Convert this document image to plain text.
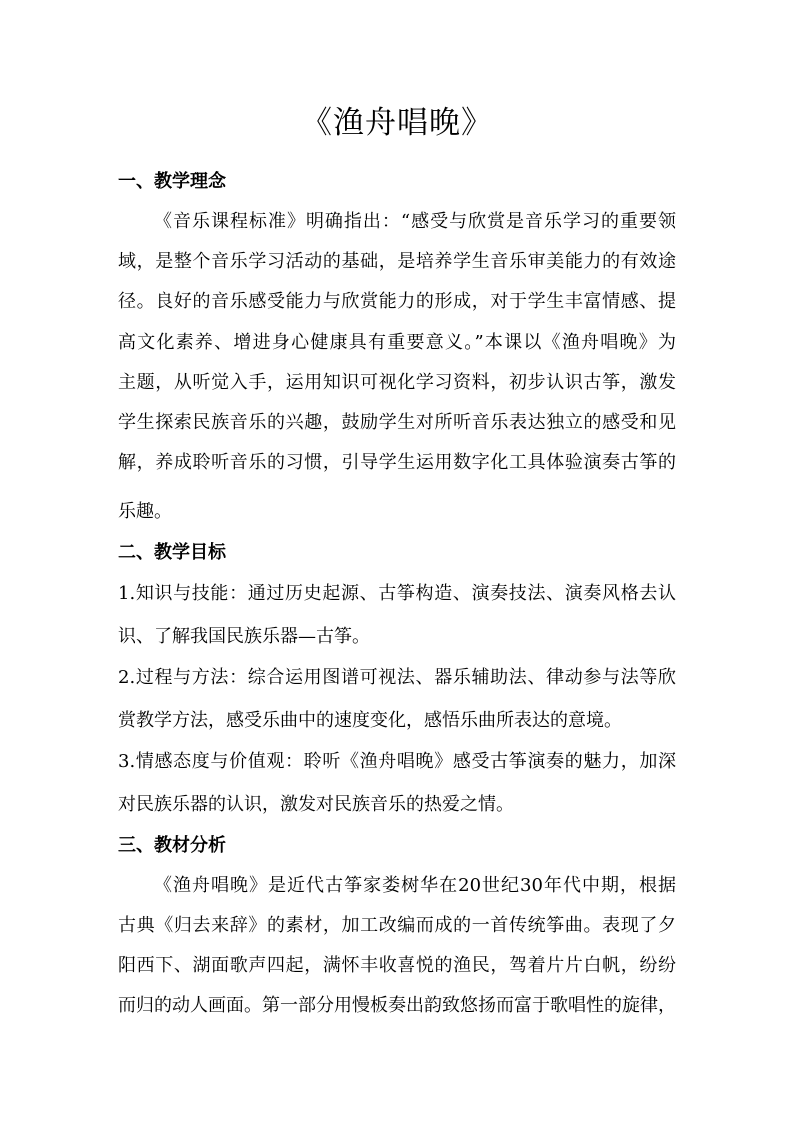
《渔舟唱晚》
一、教学理念
《音乐课程标准》明确指出：“感受与欣赏是音乐学习的重要领
域，是整个音乐学习活动的基础，是培养学生音乐审美能力的有效途
径。良好的音乐感受能力与欣赏能力的形成，对于学生丰富情感、提
高文化素养、增进身心健康具有重要意义。”本课以《渔舟唱晚》为
主题，从听觉入手，运用知识可视化学习资料，初步认识古筝，激发
学生探索民族音乐的兴趣，鼓励学生对所听音乐表达独立的感受和见
解，养成聆听音乐的习惯，引导学生运用数字化工具体验演奏古筝的
乐趣。
二、教学目标
1.知识与技能：通过历史起源、古筝构造、演奏技法、演奏风格去认
识、了解我国民族乐器—古筝。
2.过程与方法：综合运用图谱可视法、器乐辅助法、律动参与法等欣
赏教学方法，感受乐曲中的速度变化，感悟乐曲所表达的意境。
3.情感态度与价值观：聆听《渔舟唱晚》感受古筝演奏的魅力，加深
对民族乐器的认识，激发对民族音乐的热爱之情。
三、教材分析
《渔舟唱晚》是近代古筝家娄树华在20世纪30年代中期，根据
古典《归去来辞》的素材，加工改编而成的一首传统筝曲。表现了夕
阳西下、湖面歌声四起，满怀丰收喜悦的渔民，驾着片片白帆，纷纷
而归的动人画面。第一部分用慢板奏出韵致悠扬而富于歌唱性的旋律，
